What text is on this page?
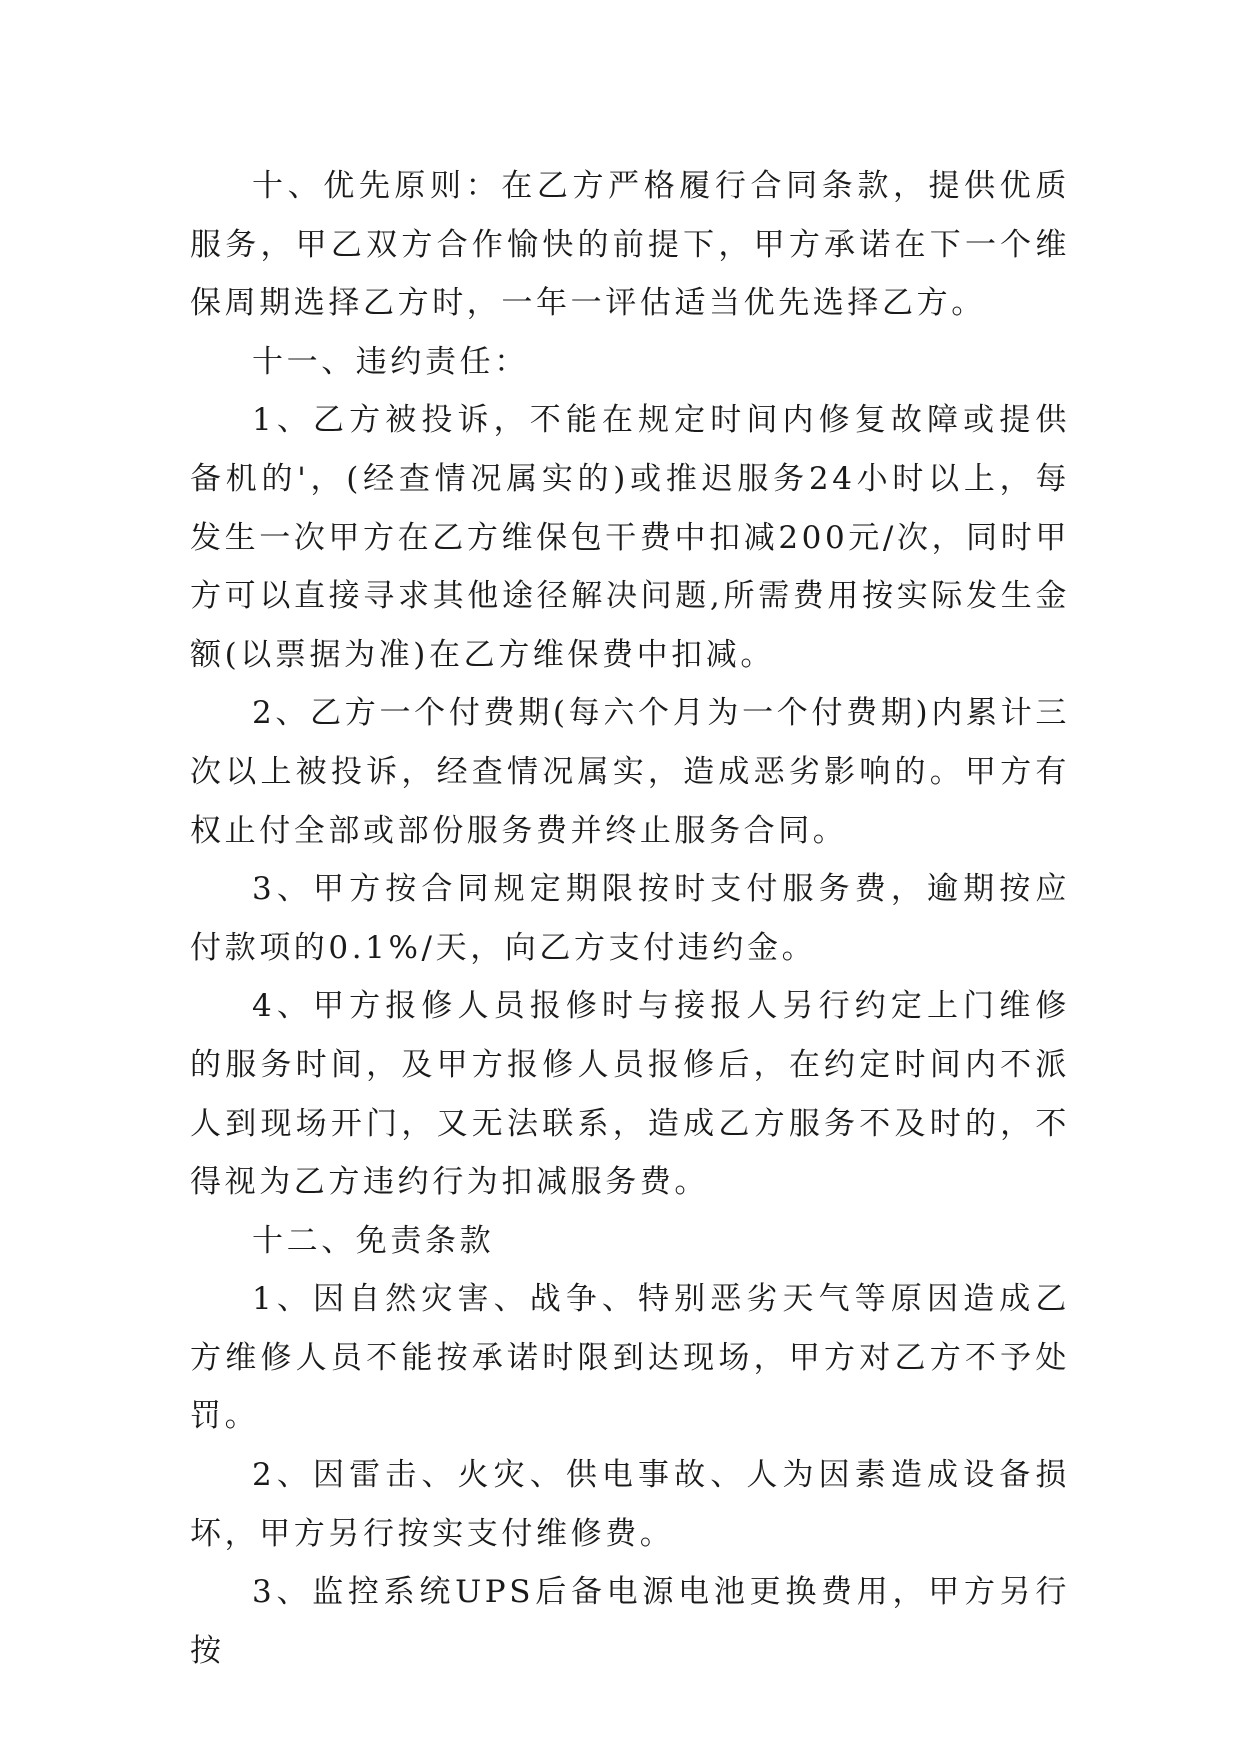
十、优先原则：在乙方严格履行合同条款，提供优质服务，甲乙双方合作愉快的前提下，甲方承诺在下一个维保周期选择乙方时，一年一评估适当优先选择乙方。

十一、违约责任：

1、乙方被投诉，不能在规定时间内修复故障或提供备机的'，(经查情况属实的)或推迟服务24小时以上，每发生一次甲方在乙方维保包干费中扣减200元/次，同时甲方可以直接寻求其他途径解决问题,所需费用按实际发生金额(以票据为准)在乙方维保费中扣减。

2、乙方一个付费期(每六个月为一个付费期)内累计三次以上被投诉，经查情况属实，造成恶劣影响的。甲方有权止付全部或部份服务费并终止服务合同。

3、甲方按合同规定期限按时支付服务费，逾期按应付款项的0.1%/天，向乙方支付违约金。

4、甲方报修人员报修时与接报人另行约定上门维修的服务时间，及甲方报修人员报修后，在约定时间内不派人到现场开门，又无法联系，造成乙方服务不及时的，不得视为乙方违约行为扣减服务费。

十二、免责条款

1、因自然灾害、战争、特别恶劣天气等原因造成乙方维修人员不能按承诺时限到达现场，甲方对乙方不予处罚。

2、因雷击、火灾、供电事故、人为因素造成设备损坏，甲方另行按实支付维修费。

3、监控系统UPS后备电源电池更换费用，甲方另行按
